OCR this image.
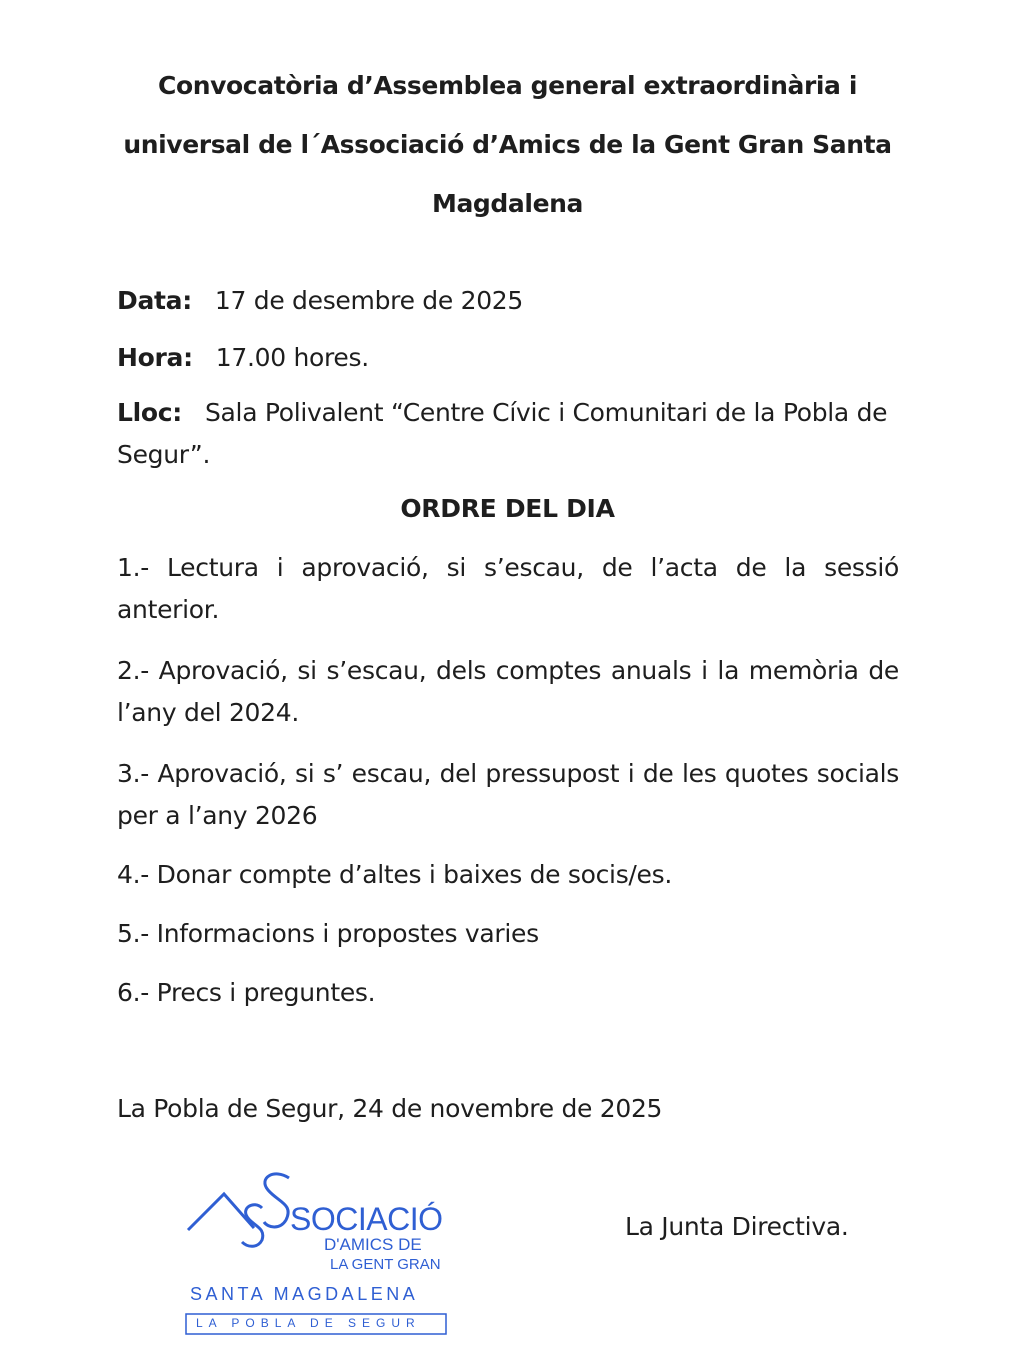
Convocatòria d’Assemblea general extraordinària i
universal de l´Associació d’Amics de la Gent Gran Santa
Magdalena
Data: 17 de desembre de 2025
Hora: 17.00 hores.
Lloc: Sala Polivalent “Centre Cívic i Comunitari de la Pobla de Segur”.
ORDRE DEL DIA
1.- Lectura i aprovació, si s’escau, de l’acta de la sessió anterior.
2.- Aprovació, si s’escau, dels comptes anuals i la memòria de l’any del 2024.
3.- Aprovació, si s’ escau, del pressupost i de les quotes socials per a l’any 2026
4.- Donar compte d’altes i baixes de socis/es.
5.- Informacions i propostes varies
6.- Precs i preguntes.
La Pobla de Segur, 24 de novembre de 2025
SOCIACIÓ
D'AMICS DE
LA GENT GRAN
SANTA MAGDALENA
LA POBLA DE SEGUR
La Junta Directiva.
